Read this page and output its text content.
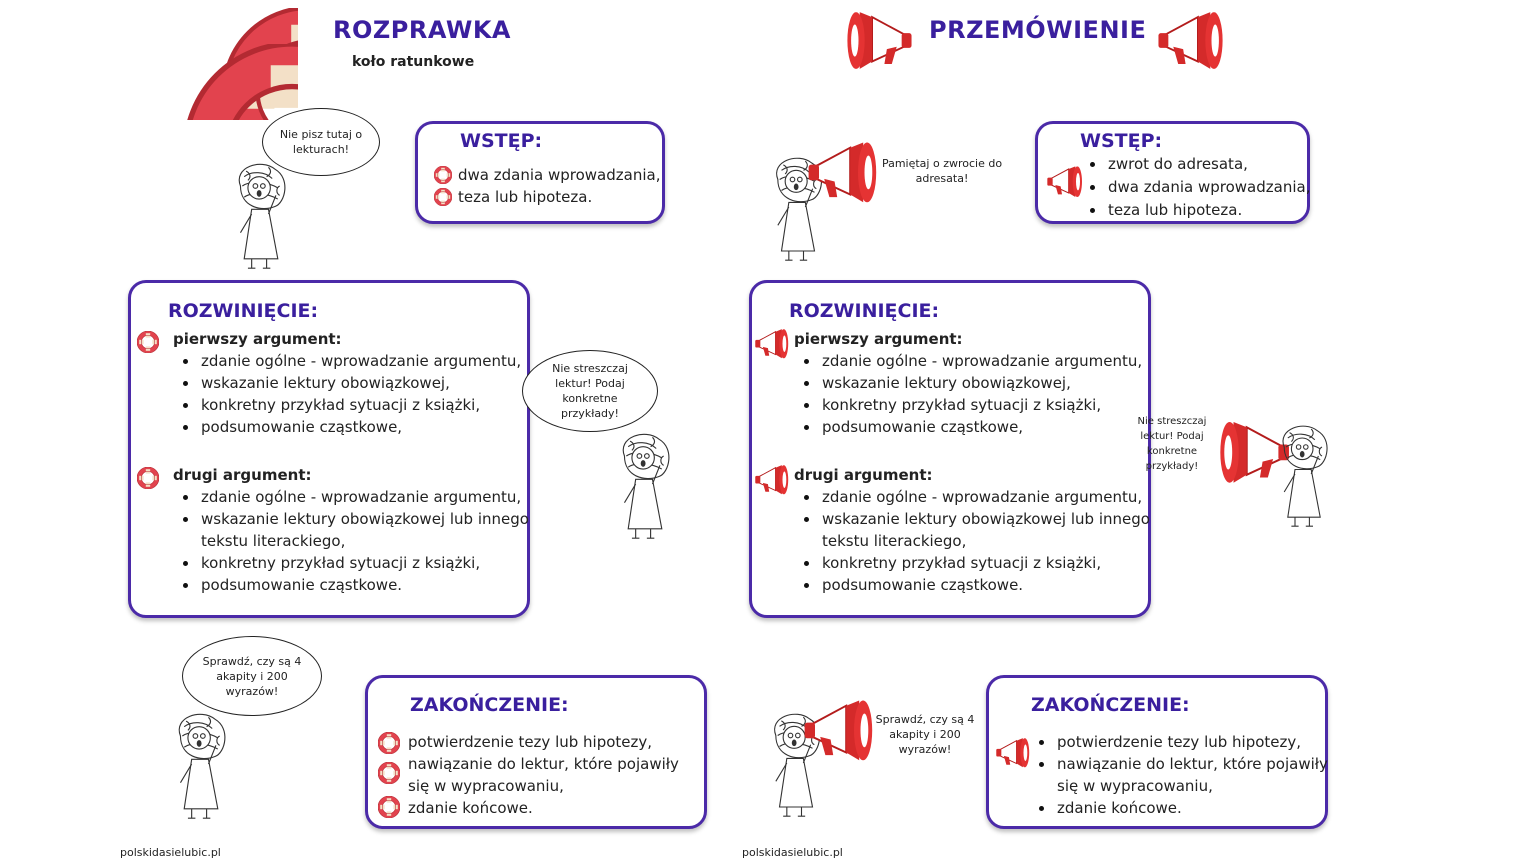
ROZPRAWKA
koło ratunkowe
Nie pisz tutaj o lekturach!	WSTĘP:
dwa zdania wprowadzania,
teza lub hipoteza.
ROZWINIĘCIE:
pierwszy argument:
zdanie ogólne - wprowadzanie argumentu,
wskazanie lektury obowiązkowej,
konkretny przykład sytuacji z książki,
podsumowanie cząstkowe,
drugi argument:
zdanie ogólne - wprowadzanie argumentu,
wskazanie lektury obowiązkowej lub innego
tekstu literackiego,
konkretny przykład sytuacji z książki,
podsumowanie cząstkowe.
Nie streszczaj lektur! Podaj konkretne przykłady!
Sprawdź, czy są 4 akapity i 200 wyrazów!
ZAKOŃCZENIE:
potwierdzenie tezy lub hipotezy,
nawiązanie do lektur, które pojawiły
się w wypracowaniu,
zdanie końcowe.
polskidasielubic.pl
PRZEMÓWIENIE
Pamiętaj o zwrocie do adresata!
WSTĘP:
zwrot do adresata,
dwa zdania wprowadzania,
teza lub hipoteza.
ROZWINIĘCIE:
pierwszy argument:
zdanie ogólne - wprowadzanie argumentu,
wskazanie lektury obowiązkowej,
konkretny przykład sytuacji z książki,
podsumowanie cząstkowe,
drugi argument:
zdanie ogólne - wprowadzanie argumentu,
wskazanie lektury obowiązkowej lub innego
tekstu literackiego,
konkretny przykład sytuacji z książki,
podsumowanie cząstkowe.
Nie streszczaj lektur! Podaj konkretne przykłady!
Sprawdź, czy są 4 akapity i 200 wyrazów!
ZAKOŃCZENIE:
potwierdzenie tezy lub hipotezy,
nawiązanie do lektur, które pojawiły
się w wypracowaniu,
zdanie końcowe.
polskidasielubic.pl
